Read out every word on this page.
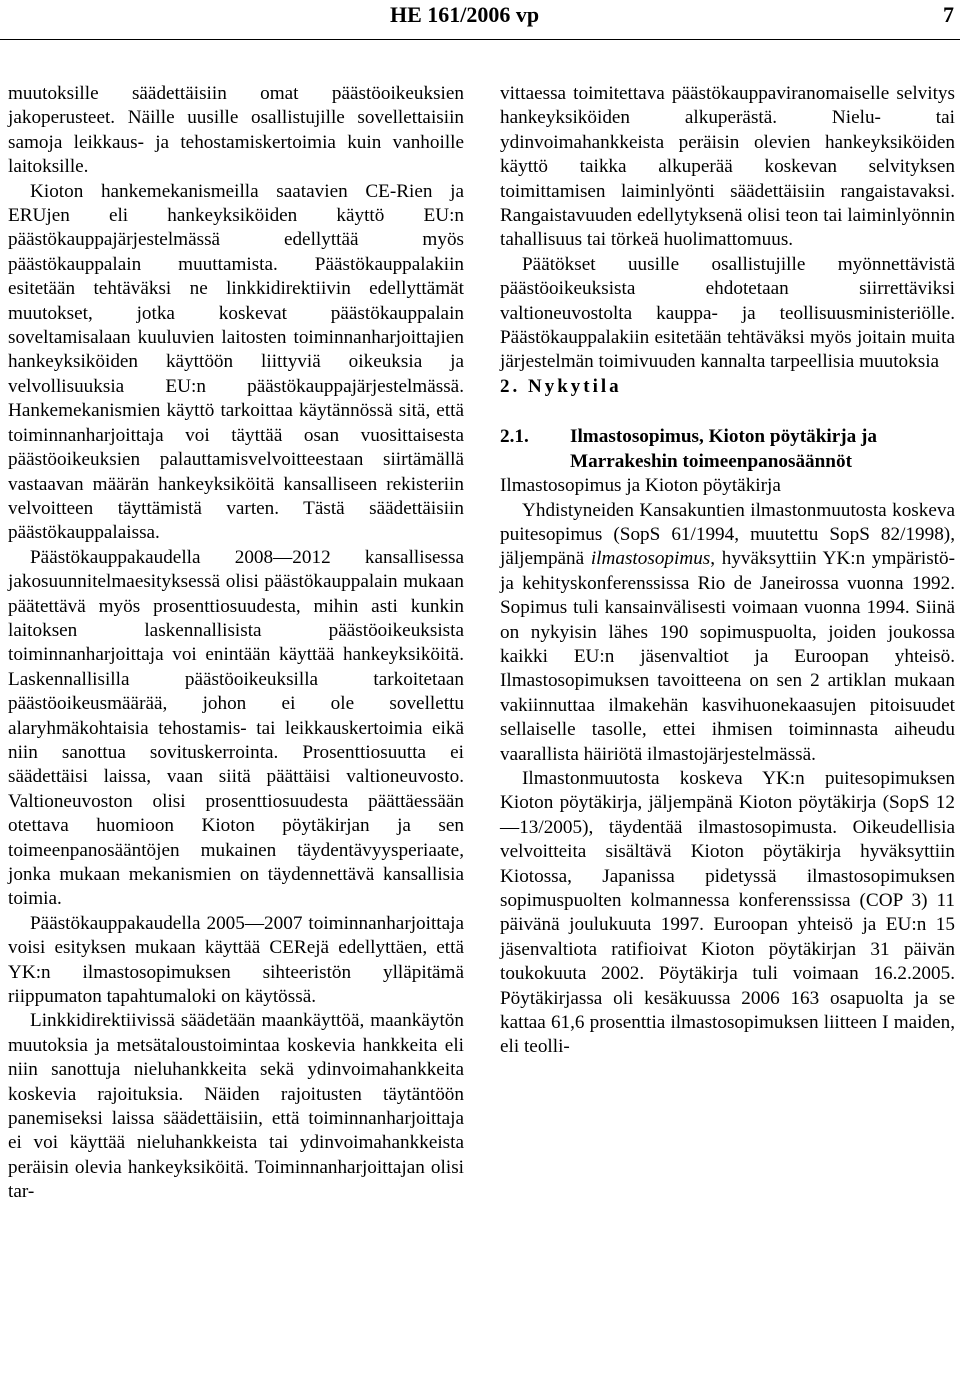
HE 161/2006 vp	7

muutoksille säädettäisiin omat päästöoikeuksien jakoperusteet. Näille uusille osallistujille sovellettaisiin samoja leikkaus- ja tehostamiskertoimia kuin vanhoille laitoksille.

Kioton hankemekanismeilla saatavien CE-Rien ja ERUjen eli hankeyksiköiden käyttö EU:n päästökauppajärjestelmässä edellyttää myös päästökauppalain muuttamista. Päästökauppalakiin esitetään tehtäväksi ne linkkidirektiivin edellyttämät muutokset, jotka koskevat päästökauppalain soveltamisalaan kuuluvien laitosten toiminnanharjoittajien hankeyksiköiden käyttöön liittyviä oikeuksia ja velvollisuuksia EU:n päästökauppajärjestelmässä. Hankemekanismien käyttö tarkoittaa käytännössä sitä, että toiminnanharjoittaja voi täyttää osan vuosittaisesta päästöoikeuksien palauttamisvelvoitteestaan siirtämällä vastaavan määrän hankeyksiköitä kansalliseen rekisteriin velvoitteen täyttämistä varten. Tästä säädettäisiin päästökauppalaissa.

Päästökauppakaudella 2008—2012 kansallisessa jakosuunnitelmaesityksessä olisi päästökauppalain mukaan päätettävä myös prosenttiosuudesta, mihin asti kunkin laitoksen laskennallisista päästöoikeuksista toiminnanharjoittaja voi enintään käyttää hankeyksiköitä. Laskennallisilla päästöoikeuksilla tarkoitetaan päästöoikeusmäärää, johon ei ole sovellettu alaryhmäkohtaisia tehostamis- tai leikkauskertoimia eikä niin sanottua sovituskerrointa. Prosenttiosuutta ei säädettäisi laissa, vaan siitä päättäisi valtioneuvosto. Valtioneuvoston olisi prosenttiosuudesta päättäessään otettava huomioon Kioton pöytäkirjan ja sen toimeenpanosääntöjen mukainen täydentävyysperiaate, jonka mukaan mekanismien on täydennettävä kansallisia toimia.

Päästökauppakaudella 2005—2007 toiminnanharjoittaja voisi esityksen mukaan käyttää CERejä edellyttäen, että YK:n ilmastosopimuksen sihteeristön ylläpitämä riippumaton tapahtumaloki on käytössä.

Linkkidirektiivissä säädetään maankäyttöä, maankäytön muutoksia ja metsätaloustoimintaa koskevia hankkeita eli niin sanottuja nieluhankkeita sekä ydinvoimahankkeita koskevia rajoituksia. Näiden rajoitusten täytäntöön panemiseksi laissa säädettäisiin, että toiminnanharjoittaja ei voi käyttää nieluhankkeista tai ydinvoimahankkeista peräisin olevia hankeyksiköitä. Toiminnanharjoittajan olisi tar-

vittaessa toimitettava päästökauppaviranomaiselle selvitys hankeyksiköiden alkuperästä. Nielu- tai ydinvoimahankkeista peräisin olevien hankeyksiköiden käyttö taikka alkuperää koskevan selvityksen toimittamisen laiminlyönti säädettäisiin rangaistavaksi. Rangaistavuuden edellytyksenä olisi teon tai laiminlyönnin tahallisuus tai törkeä huolimattomuus.

Päätökset uusille osallistujille myönnettävistä päästöoikeuksista ehdotetaan siirrettäviksi valtioneuvostolta kauppa- ja teollisuusministeriölle. Päästökauppalakiin esitetään tehtäväksi myös joitain muita järjestelmän toimivuuden kannalta tarpeellisia muutoksia

2. Nykytila

2.1.	Ilmastosopimus, Kioton pöytäkirja ja Marrakeshin toimeenpanosäännöt

Ilmastosopimus ja Kioton pöytäkirja

Yhdistyneiden Kansakuntien ilmastonmuutosta koskeva puitesopimus (SopS 61/1994, muutettu SopS 82/1998), jäljempänä ilmastosopimus, hyväksyttiin YK:n ympäristö- ja kehityskonferenssissa Rio de Janeirossa vuonna 1992. Sopimus tuli kansainvälisesti voimaan vuonna 1994. Siinä on nykyisin lähes 190 sopimuspuolta, joiden joukossa kaikki EU:n jäsenvaltiot ja Euroopan yhteisö. Ilmastosopimuksen tavoitteena on sen 2 artiklan mukaan vakiinnuttaa ilmakehän kasvihuonekaasujen pitoisuudet sellaiselle tasolle, ettei ihmisen toiminnasta aiheudu vaarallista häiriötä ilmastojärjestelmässä.

Ilmastonmuutosta koskeva YK:n puitesopimuksen Kioton pöytäkirja, jäljempänä Kioton pöytäkirja (SopS 12—13/2005), täydentää ilmastosopimusta. Oikeudellisia velvoitteita sisältävä Kioton pöytäkirja hyväksyttiin Kiotossa, Japanissa pidetyssä ilmastosopimuksen sopimuspuolten kolmannessa konferenssissa (COP 3) 11 päivänä joulukuuta 1997. Euroopan yhteisö ja EU:n 15 jäsenvaltiota ratifioivat Kioton pöytäkirjan 31 päivän toukokuuta 2002. Pöytäkirja tuli voimaan 16.2.2005. Pöytäkirjassa oli kesäkuussa 2006 163 osapuolta ja se kattaa 61,6 prosenttia ilmastosopimuksen liitteen I maiden, eli teolli-
